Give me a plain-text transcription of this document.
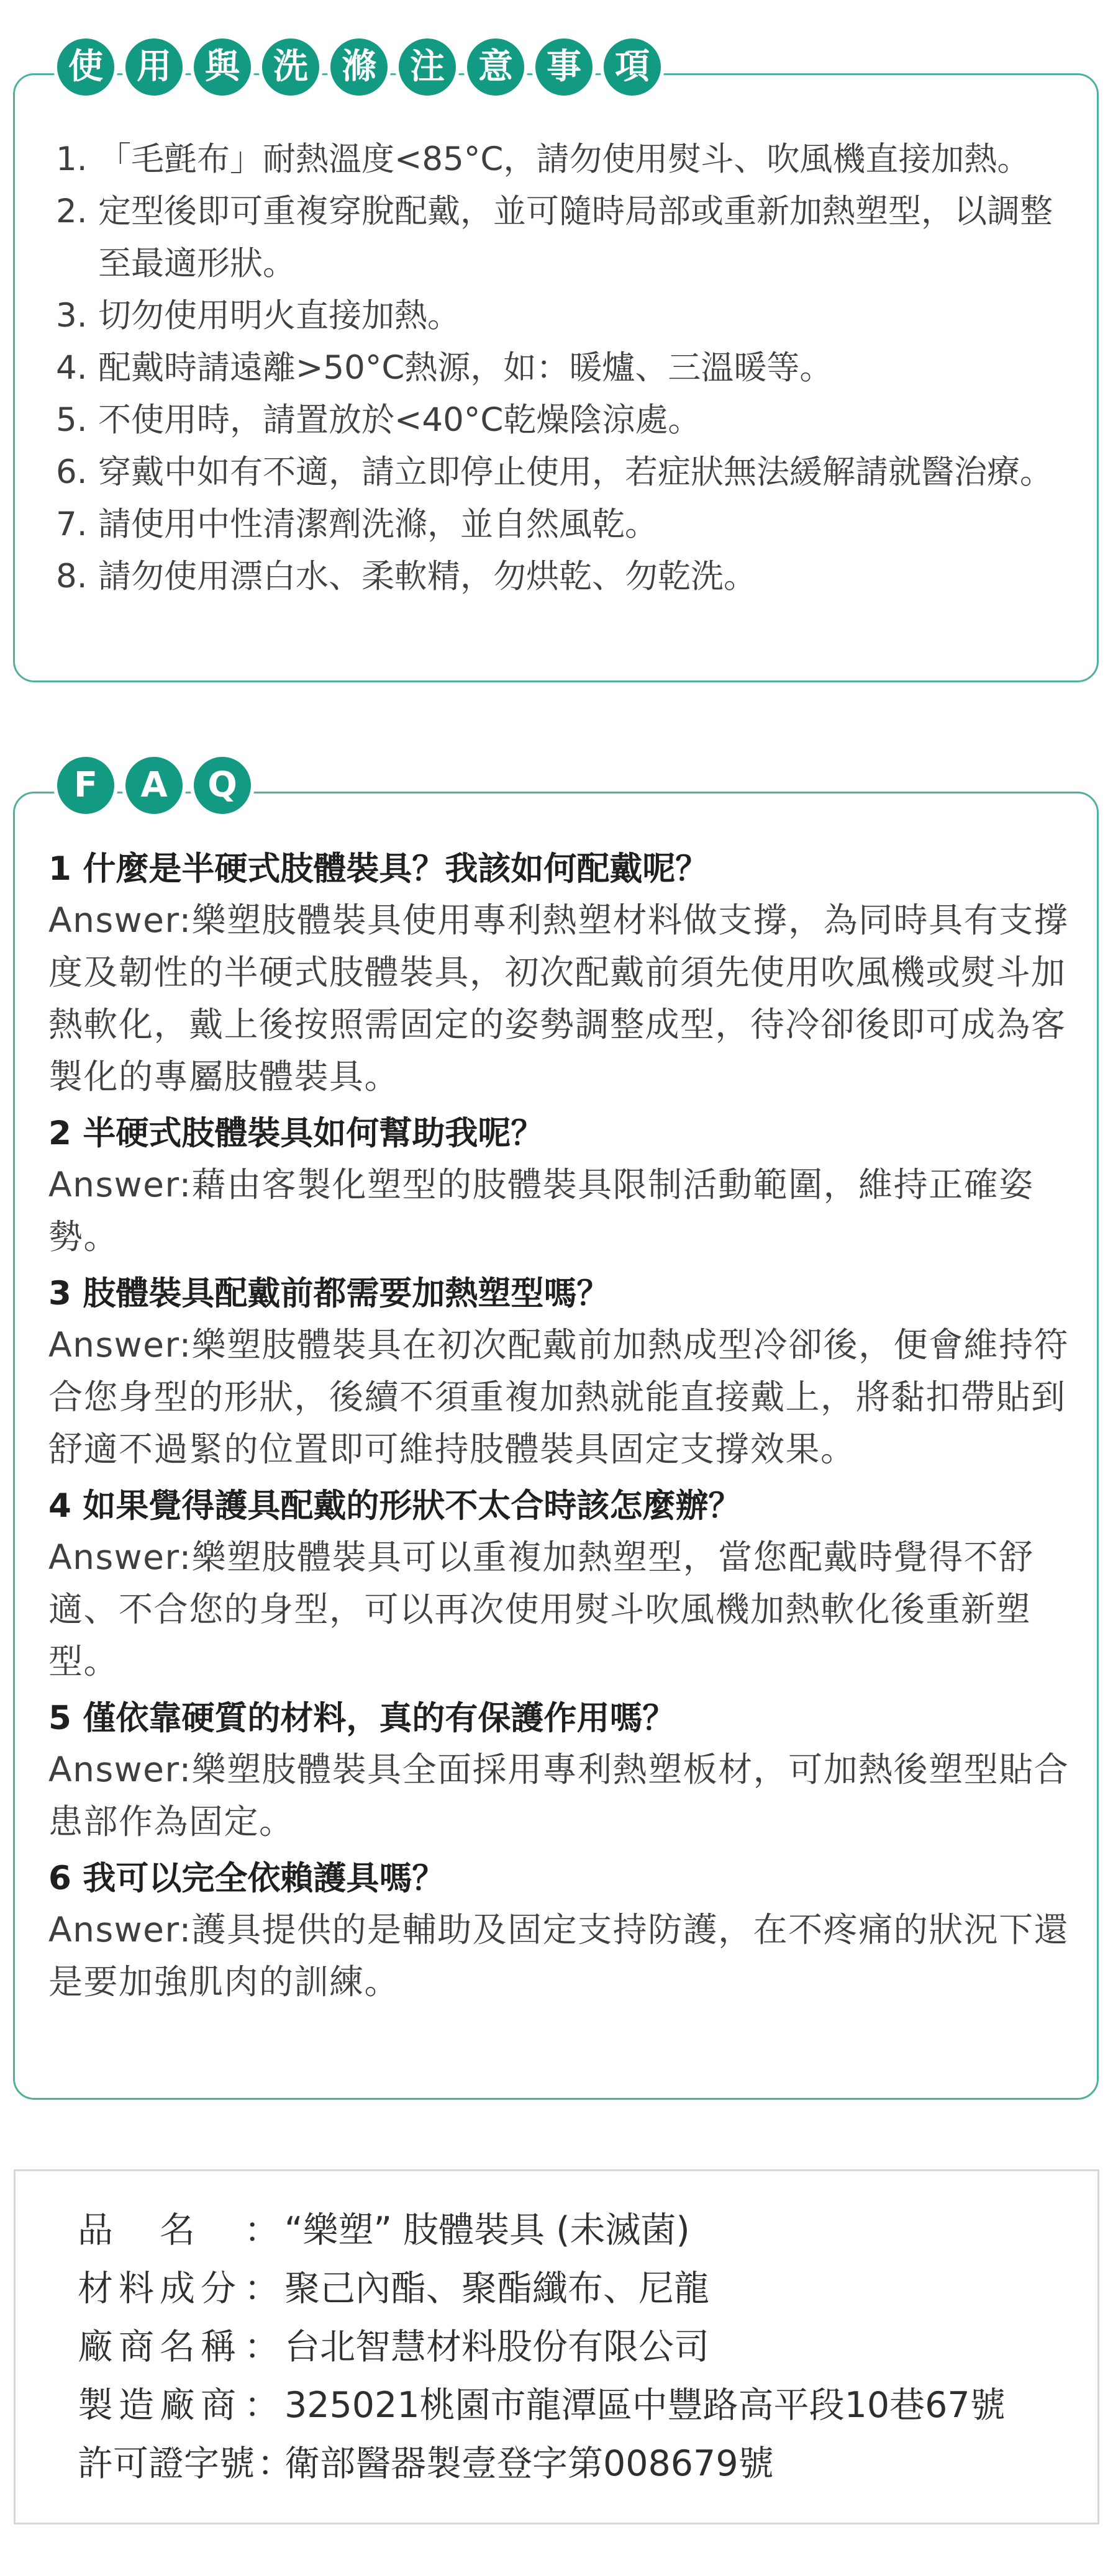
使 用 與 洗 滌 注 意 事 項
1. 「毛氈布」耐熱溫度<85°C，請勿使用熨斗、吹風機直接加熱。
2. 定型後即可重複穿脫配戴，並可隨時局部或重新加熱塑型，以調整至最適形狀。
3. 切勿使用明火直接加熱。
4. 配戴時請遠離>50°C熱源，如：暖爐、三溫暖等。
5. 不使用時，請置放於<40°C乾燥陰涼處。
6. 穿戴中如有不適，請立即停止使用，若症狀無法緩解請就醫治療。
7. 請使用中性清潔劑洗滌，並自然風乾。
8. 請勿使用漂白水、柔軟精，勿烘乾、勿乾洗。
F	A	Q
1 什麼是半硬式肢體裝具？我該如何配戴呢？
Answer:樂塑肢體裝具使用專利熱塑材料做支撐，為同時具有支撐度及韌性的半硬式肢體裝具，初次配戴前須先使用吹風機或熨斗加熱軟化，戴上後按照需固定的姿勢調整成型，待冷卻後即可成為客製化的專屬肢體裝具。
2 半硬式肢體裝具如何幫助我呢？
Answer:藉由客製化塑型的肢體裝具限制活動範圍，維持正確姿勢。
3 肢體裝具配戴前都需要加熱塑型嗎？
Answer:樂塑肢體裝具在初次配戴前加熱成型冷卻後，便會維持符合您身型的形狀，後續不須重複加熱就能直接戴上，將黏扣帶貼到舒適不過緊的位置即可維持肢體裝具固定支撐效果。
4 如果覺得護具配戴的形狀不太合時該怎麼辦？
Answer:樂塑肢體裝具可以重複加熱塑型，當您配戴時覺得不舒適、不合您的身型，可以再次使用熨斗吹風機加熱軟化後重新塑型。
5 僅依靠硬質的材料，真的有保護作用嗎？
Answer:樂塑肢體裝具全面採用專利熱塑板材，可加熱後塑型貼合患部作為固定。
6 我可以完全依賴護具嗎？
Answer:護具提供的是輔助及固定支持防護，在不疼痛的狀況下還是要加強肌肉的訓練。
品 名 ： “樂塑” 肢體裝具 (未滅菌)
材 料 成 分 ： 聚己內酯、聚酯纖布、尼龍
廠 商 名 稱 ： 台北智慧材料股份有限公司
製 造 廠 商 ： 325021桃園市龍潭區中豐路高平段10巷67號
許 可 證 字 號 ：
衛部醫器製壹登字第008679號
